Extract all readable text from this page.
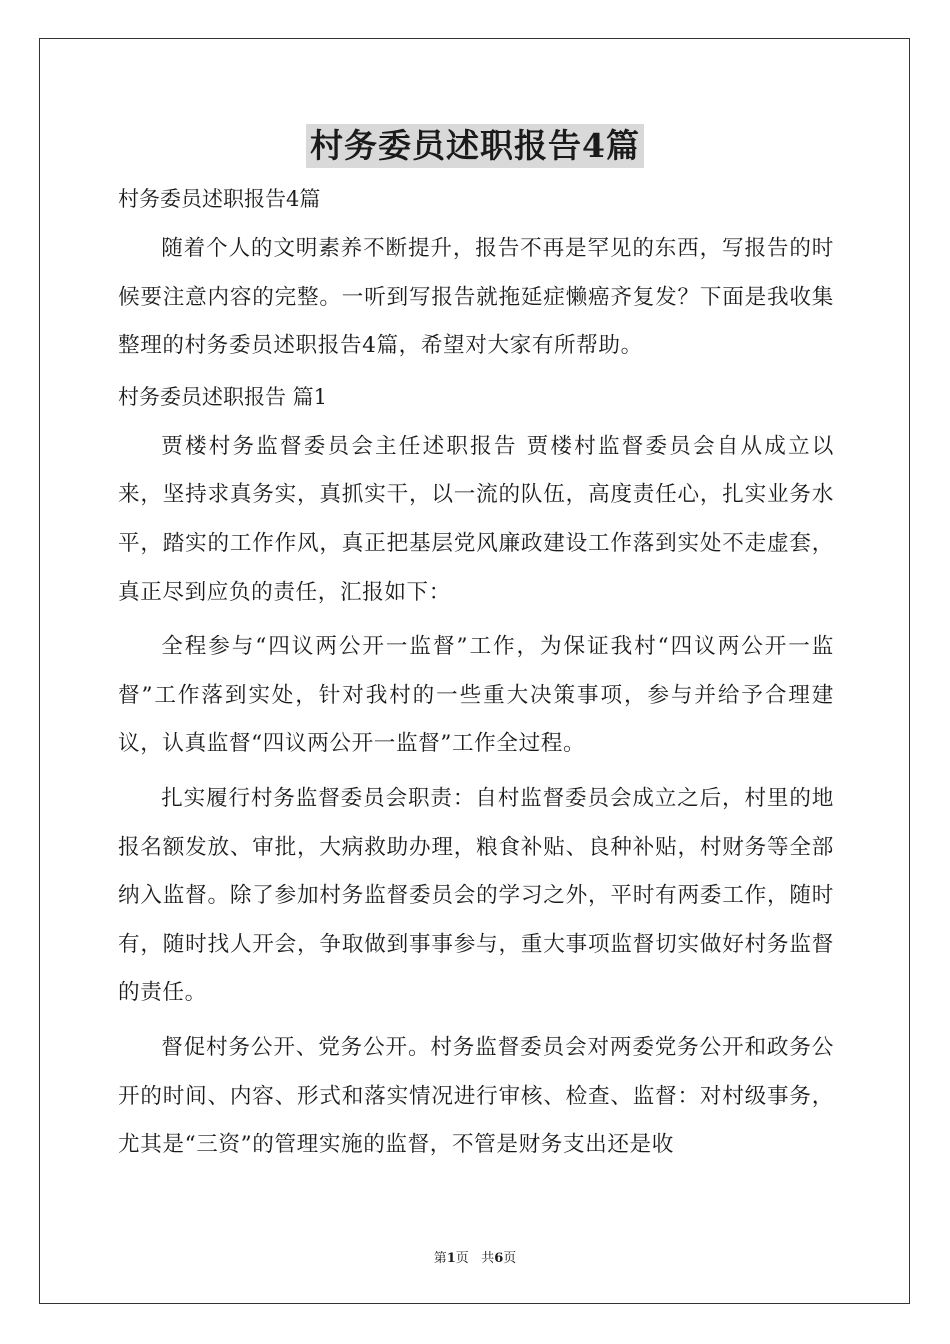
村务委员述职报告4篇
村务委员述职报告4篇

随着个人的文明素养不断提升，报告不再是罕见的东西，写报告的时候要注意内容的完整。一听到写报告就拖延症懒癌齐复发？下面是我收集整理的村务委员述职报告4篇，希望对大家有所帮助。

村务委员述职报告 篇1

贾楼村务监督委员会主任述职报告 贾楼村监督委员会自从成立以来，坚持求真务实，真抓实干，以一流的队伍，高度责任心，扎实业务水平，踏实的工作作风，真正把基层党风廉政建设工作落到实处不走虚套，真正尽到应负的责任，汇报如下：

全程参与“四议两公开一监督”工作，为保证我村“四议两公开一监督”工作落到实处，针对我村的一些重大决策事项，参与并给予合理建议，认真监督“四议两公开一监督”工作全过程。

扎实履行村务监督委员会职责：自村监督委员会成立之后，村里的地报名额发放、审批，大病救助办理，粮食补贴、良种补贴，村财务等全部纳入监督。除了参加村务监督委员会的学习之外，平时有两委工作，随时有，随时找人开会，争取做到事事参与，重大事项监督切实做好村务监督的责任。

督促村务公开、党务公开。村务监督委员会对两委党务公开和政务公开的时间、内容、形式和落实情况进行审核、检查、监督：对村级事务，尤其是“三资”的管理实施的监督，不管是财务支出还是收

第1页 共6页
